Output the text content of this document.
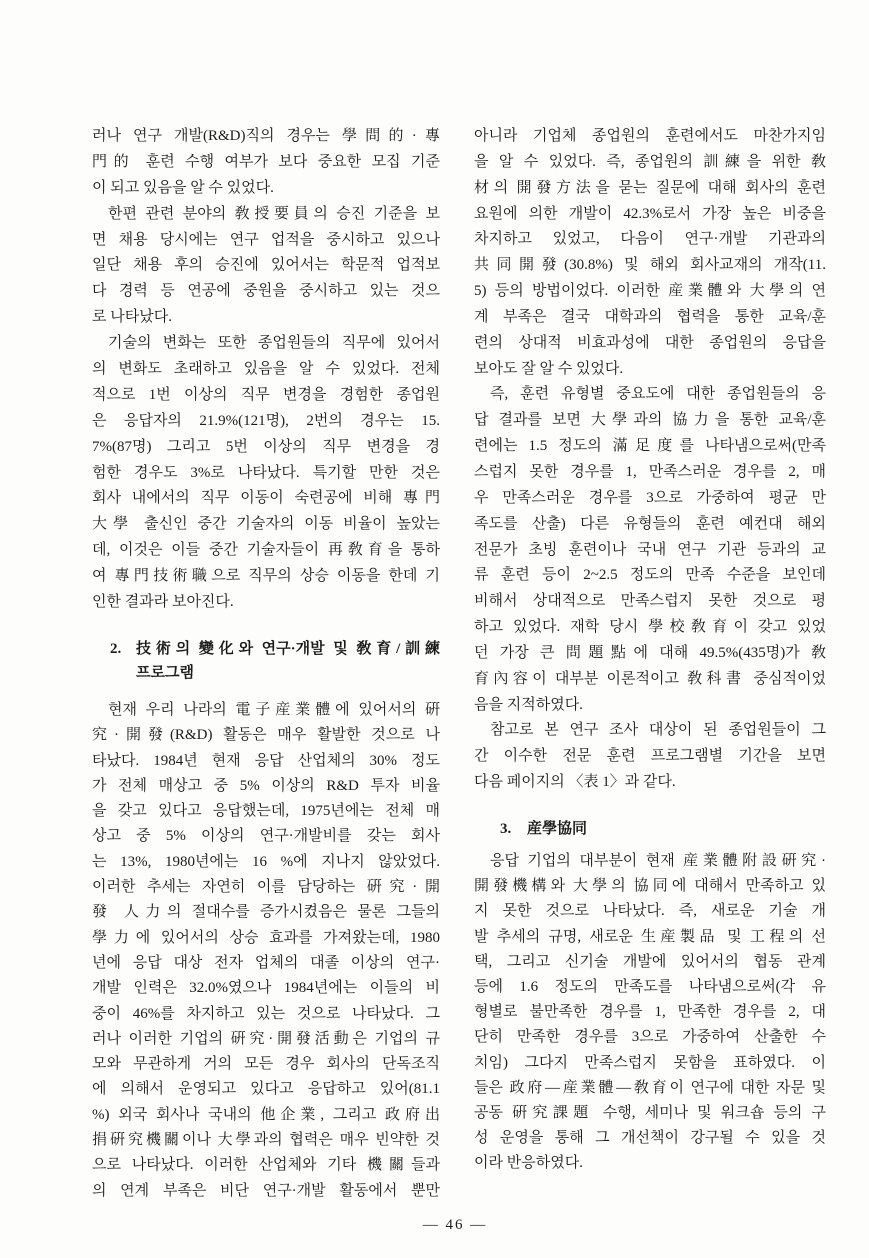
러나 연구 개발(R&D)직의 경우는 學問的·專
門的 훈련 수행 여부가 보다 중요한 모집 기준
이 되고 있음을 알 수 있었다.
한편 관련 분야의 敎授要員의 승진 기준을 보
면 채용 당시에는 연구 업적을 중시하고 있으나
일단 채용 후의 승진에 있어서는 학문적 업적보
다 경력 등 연공에 중원을 중시하고 있는 것으
로 나타났다.
기술의 변화는 또한 종업원들의 직무에 있어서
의 변화도 초래하고 있음을 알 수 있었다. 전체
적으로 1번 이상의 직무 변경을 경험한 종업원
은 응답자의 21.9%(121명), 2번의 경우는 15.
7%(87명) 그리고 5번 이상의 직무 변경을 경
험한 경우도 3%로 나타났다. 특기할 만한 것은
회사 내에서의 직무 이동이 숙련공에 비해 專門
大學 출신인 중간 기술자의 이동 비율이 높았는
데, 이것은 이들 중간 기술자들이 再敎育을 통하
여 專門技術職으로 직무의 상승 이동을 한데 기
인한 결과라 보아진다.
2. 技術의 變化와 연구·개발 및 敎育/訓練
프로그램
현재 우리 나라의 電子産業體에 있어서의 硏
究·開發(R&D) 활동은 매우 활발한 것으로 나
타났다. 1984년 현재 응답 산업체의 30% 정도
가 전체 매상고 중 5% 이상의 R&D 투자 비율
을 갖고 있다고 응답했는데, 1975년에는 전체 매
상고 중 5% 이상의 연구·개발비를 갖는 회사
는 13%, 1980년에는 16 %에 지나지 않았었다.
이러한 추세는 자연히 이를 담당하는 硏究·開
發 人力의 절대수를 증가시켰음은 물론 그들의
學力에 있어서의 상승 효과를 가져왔는데, 1980
년에 응답 대상 전자 업체의 대졸 이상의 연구·
개발 인력은 32.0%였으나 1984년에는 이들의 비
중이 46%를 차지하고 있는 것으로 나타났다. 그
러나 이러한 기업의 硏究·開發活動은 기업의 규
모와 무관하게 거의 모든 경우 회사의 단독조직
에 의해서 운영되고 있다고 응답하고 있어(81.1
%) 외국 회사나 국내의 他企業, 그리고 政府出
捐硏究機關이나 大學과의 협력은 매우 빈약한 것
으로 나타났다. 이러한 산업체와 기타 機關들과
의 연계 부족은 비단 연구·개발 활동에서 뿐만
아니라 기업체 종업원의 훈련에서도 마찬가지임
을 알 수 있었다. 즉, 종업원의 訓練을 위한 敎
材의 開發方法을 묻는 질문에 대해 회사의 훈련
요원에 의한 개발이 42.3%로서 가장 높은 비중을
차지하고 있었고, 다음이 연구·개발 기관과의
共同開發(30.8%) 및 해외 회사교재의 개작(11.
5) 등의 방법이었다. 이러한 産業體와 大學의 연
계 부족은 결국 대학과의 협력을 통한 교육/훈
련의 상대적 비효과성에 대한 종업원의 응답을
보아도 잘 알 수 있었다.
즉, 훈련 유형별 중요도에 대한 종업원들의 응
답 결과를 보면 大學과의 協力을 통한 교육/훈
련에는 1.5 정도의 滿足度를 나타냄으로써(만족
스럽지 못한 경우를 1, 만족스러운 경우를 2, 매
우 만족스러운 경우를 3으로 가중하여 평균 만
족도를 산출) 다른 유형들의 훈련 예컨대 해외
전문가 초빙 훈련이나 국내 연구 기관 등과의 교
류 훈련 등이 2~2.5 정도의 만족 수준을 보인데
비해서 상대적으로 만족스럽지 못한 것으로 평
하고 있었다. 재학 당시 學校敎育이 갖고 있었
던 가장 큰 問題點에 대해 49.5%(435명)가 敎
育內容이 대부분 이론적이고 敎科書 중심적이었
음을 지적하였다.
참고로 본 연구 조사 대상이 된 종업원들이 그
간 이수한 전문 훈련 프로그램별 기간을 보면
다음 페이지의 〈表 1〉과 같다.
3. 産學協同
응답 기업의 대부분이 현재 産業體附設硏究·
開發機構와 大學의 協同에 대해서 만족하고 있
지 못한 것으로 나타났다. 즉, 새로운 기술 개
발 추세의 규명, 새로운 生産製品 및 工程의 선
택, 그리고 신기술 개발에 있어서의 협동 관계
등에 1.6 정도의 만족도를 나타냄으로써(각 유
형별로 불만족한 경우를 1, 만족한 경우를 2, 대
단히 만족한 경우를 3으로 가중하여 산출한 수
치임) 그다지 만족스럽지 못함을 표하였다. 이
들은 政府—産業體—敎育이 연구에 대한 자문 및
공동 硏究課題 수행, 세미나 및 워크숍 등의 구
성 운영을 통해 그 개선책이 강구될 수 있을 것
이라 반응하였다.
— 46 —
